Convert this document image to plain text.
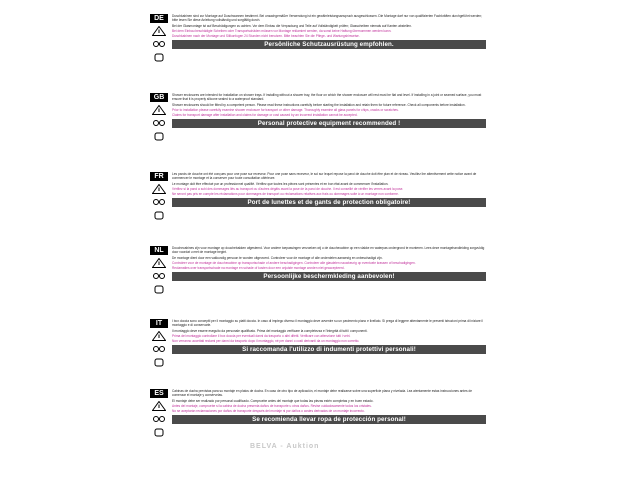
DE	Duschkabinen sind zur Montage auf Duschwannen bestimmt. Bei unsachgemäßer Verwendung ist ein gewährleistungsanspruch ausgeschlossen. Die Montage darf nur von qualifizierten Fachkräften durchgeführt werden; bitte lesen Sie diese Anleitung vollständig und sorgfältig durch.

Bei der Glasmontage ist auf Beschädigungen zu achten. Vor dem Einbau die Verpackung und Teile auf Vollständigkeit prüfen; Glasscheiben niemals auf Kanten abstellen.

Bei dem Einbau beschädigte Scheiben oder Transportschäden müssen vor Montage reklamiert werden, da sonst keine Haftung übernommen werden kann.

Duschkabinen nach der Montage und Silikonfugen 24 Stunden nicht benutzen. Bitte beachten Sie die Pflege- und Wartungshinweise.

Persönliche Schutzausrüstung empfohlen.
GB	Shower enclosures are intended for installation on shower trays. If installing without a shower tray, the floor on which the shower enclosure will rest must be flat and level. If installing in a joint or seamed surface, you must ensure that it is properly silicone sealed to a waterproof standard.

Shower enclosures should be fitted by a competent person. Please read these instructions carefully before starting the installation and retain them for future reference. Check all components before installation.

Prior to installation please carefully examine shower enclosure for transport or other damage. Thoroughly examine all glass panels for chips, cracks or scratches.

Claims for transport damage after installation and claims for damage or cost caused by an incorrect installation cannot be accepted.

Personal protective equipment recommended !
FR	Les parois de douche ont été conçues pour une pose sur receveur. Pour une pose sans receveur, le sol sur lequel repose la paroi de douche doit être plan et de niveau. Veuillez lire attentivement cette notice avant de commencer le montage et la conserver pour toute consultation ultérieure.

Le montage doit être effectué par un professionnel qualifié. Vérifiez que toutes les pièces sont présentes et en bon état avant de commencer l'installation.

Vérifiez si la paroi a subi des dommages liés au transport ou d'autres dégâts avant la pose de la paroi de douche. Il est conseillé de vérifier les verres avant la pose.

Ne seront pas pris en compte les réclamations pour dommages de transport ou réclamations relatives aux frais ou dommages suite à un montage non conforme.

Port de lunettes et de gants de protection obligatoire!
NL	Douchecabines zijn voor montage op douchebakken afgestemd. Voor andere toepassingen verzoeken wij u de douchecabine op een vlakke en waterpas ondergrond te monteren. Lees deze montagehandleiding zorgvuldig door voordat u met de montage begint.

De montage dient door een vakkundig persoon te worden uitgevoerd. Controleer voor de montage of alle onderdelen aanwezig en onbeschadigd zijn.

Controleer voor de montage de douchecabine op transportschade of andere beschadigingen. Controleer alle glasdelen nauwkeurig op eventuele krassen of beschadigingen.

Reclamaties over transportschade na montage en schade of kosten door een onjuiste montage worden niet geaccepteerd.

Persoonlijke beschermkleding aanbevolen!
IT	I box doccia sono concepiti per il montaggio su piatti doccia. In caso di impiego diverso il montaggio deve avvenire su un pavimento piano e livellato. Si prega di leggere attentamente le presenti istruzioni prima di iniziare il montaggio e di conservarle.

Il montaggio deve essere eseguito da personale qualificato. Prima del montaggio verificare la completezza e l'integrità di tutti i componenti.

Prima del montaggio controllare il box doccia per eventuali danni da trasporto o altri difetti. Verificare con attenzione tutti i vetri.

Non verranno accettati reclami per danni da trasporto dopo il montaggio, né per danni o costi derivanti da un montaggio non corretto.

Si raccomanda l'utilizzo di indumenti protettivi personali!
ES	Cabinas de ducha previstas para su montaje en platos de ducha. En caso de otro tipo de aplicación, el montaje debe realizarse sobre una superficie plana y nivelada. Lea atentamente estas instrucciones antes de comenzar el montaje y consérvelas.

El montaje debe ser realizado por personal cualificado. Compruebe antes del montaje que todas las piezas estén completas y en buen estado.

Antes del montaje, compruebe si la cabina de ducha presenta daños de transporte u otros daños. Revise cuidadosamente todos los cristales.

No se aceptarán reclamaciones por daños de transporte después del montaje ni por daños o costes derivados de un montaje incorrecto.

Se recomienda llevar ropa de protección personal!
BELVA - Auktion
